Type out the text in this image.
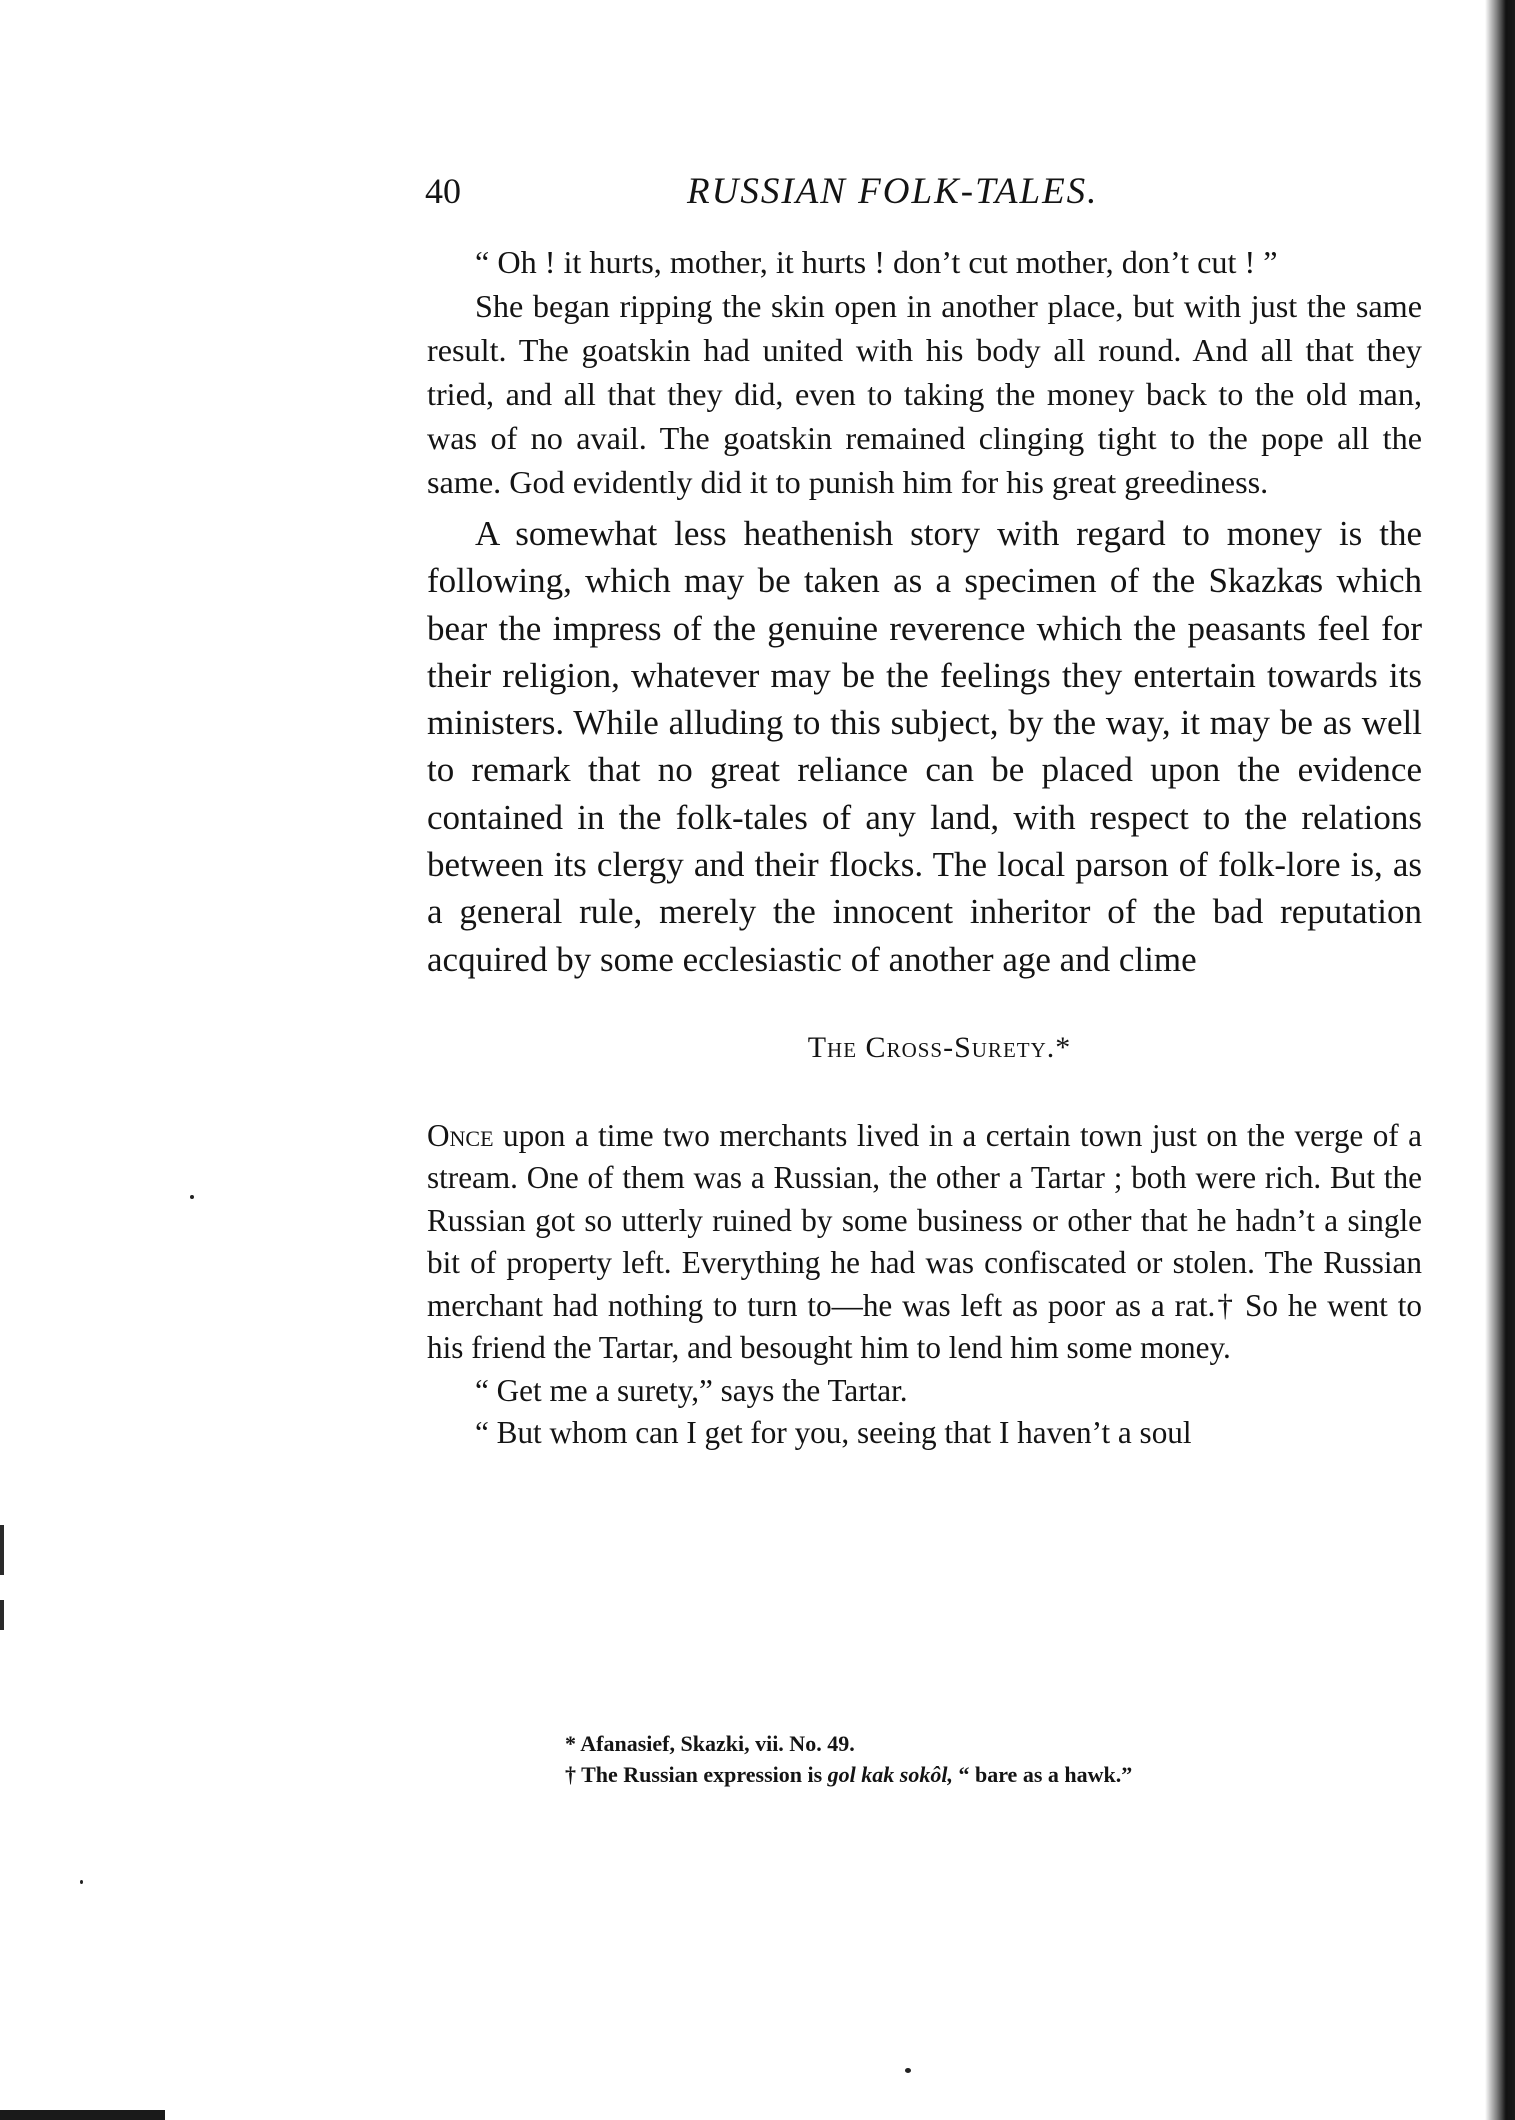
40	RUSSIAN FOLK-TALES.

“ Oh ! it hurts, mother, it hurts ! don’t cut mother, don’t cut ! ”

She began ripping the skin open in another place, but with just the same result. The goatskin had united with his body all round. And all that they tried, and all that they did, even to taking the money back to the old man, was of no avail. The goatskin remained clinging tight to the pope all the same. God evidently did it to punish him for his great greediness.

A somewhat less heathenish story with regard to money is the following, which may be taken as a specimen of the Skazkas which bear the impress of the genuine reverence which the peasants feel for their religion, whatever may be the feelings they entertain towards its ministers. While alluding to this subject, by the way, it may be as well to remark that no great reliance can be placed upon the evidence contained in the folk-tales of any land, with respect to the relations between its clergy and their flocks. The local parson of folk-lore is, as a general rule, merely the innocent inheritor of the bad reputation acquired by some ecclesiastic of another age and clime

The Cross-Surety.*

Once upon a time two merchants lived in a certain town just on the verge of a stream. One of them was a Russian, the other a Tartar ; both were rich. But the Russian got so utterly ruined by some business or other that he hadn’t a single bit of property left. Everything he had was confiscated or stolen. The Russian merchant had nothing to turn to—he was left as poor as a rat.† So he went to his friend the Tartar, and besought him to lend him some money.

“ Get me a surety,” says the Tartar.

“ But whom can I get for you, seeing that I haven’t a soul

* Afanasief, Skazki, vii. No. 49.

† The Russian expression is gol kak sokôl, “ bare as a hawk.”
